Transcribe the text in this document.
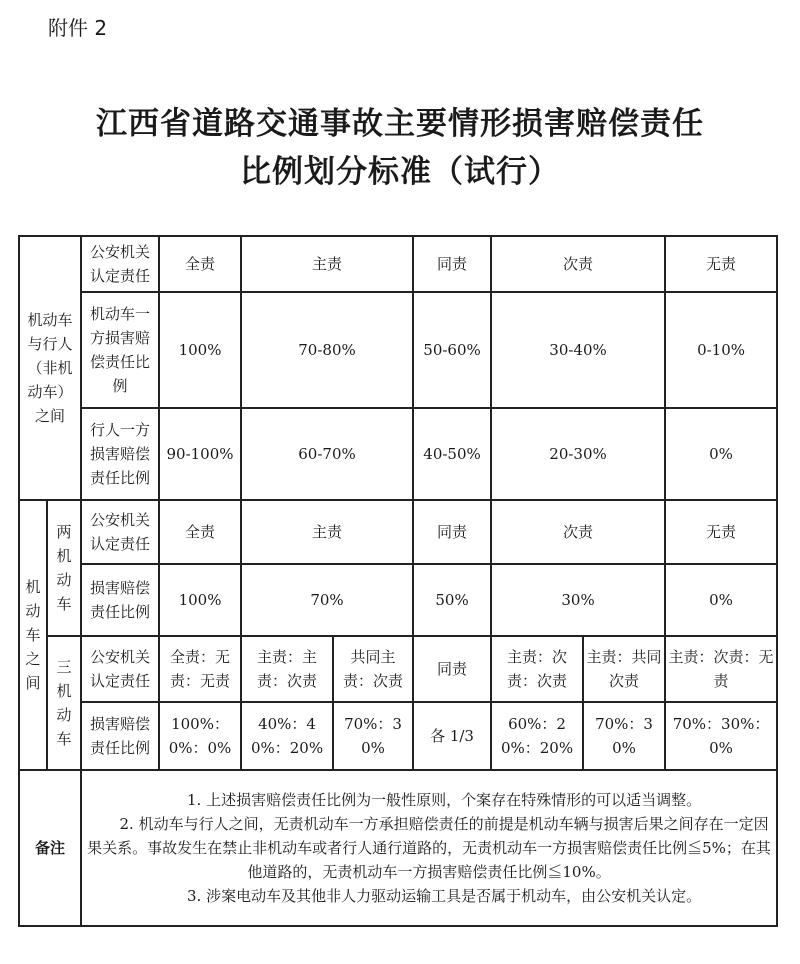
附件 2
江西省道路交通事故主要情形损害赔偿责任
比例划分标准（试行）
机动车与行人（非机动车）之间		公安机关认定责任	全责	主责		同责	次责		无责
		机动车一方损害赔偿责任比例	100%	70-80%		50-60%	30-40%		0-10%
		行人一方损害赔偿责任比例	90-100%	60-70%		40-50%	20-30%		0%
机动车之间	两机动车	公安机关认定责任	全责	主责		同责	次责		无责
		损害赔偿责任比例	100%	70%		50%	30%		0%
	三机动车	公安机关认定责任	全责：无责：无责	主责：主责：次责	共同主责：次责	同责	主责：次责：次责	主责：共同次责	主责：次责：无责
		损害赔偿责任比例	100%：0%：0%	40%：40%：20%	70%：30%	各 1/3	60%：20%：20%	70%：30%	70%：30%：0%
备注		1. 上述损害赔偿责任比例为一般性原则，个案存在特殊情形的可以适当调整。

2. 机动车与行人之间，无责机动车一方承担赔偿责任的前提是机动车辆与损害后果之间存在一定因果关系。事故发生在禁止非机动车或者行人通行道路的，无责机动车一方损害赔偿责任比例≦5%；在其他道路的，无责机动车一方损害赔偿责任比例≦10%。

3. 涉案电动车及其他非人力驱动运输工具是否属于机动车，由公安机关认定。							
